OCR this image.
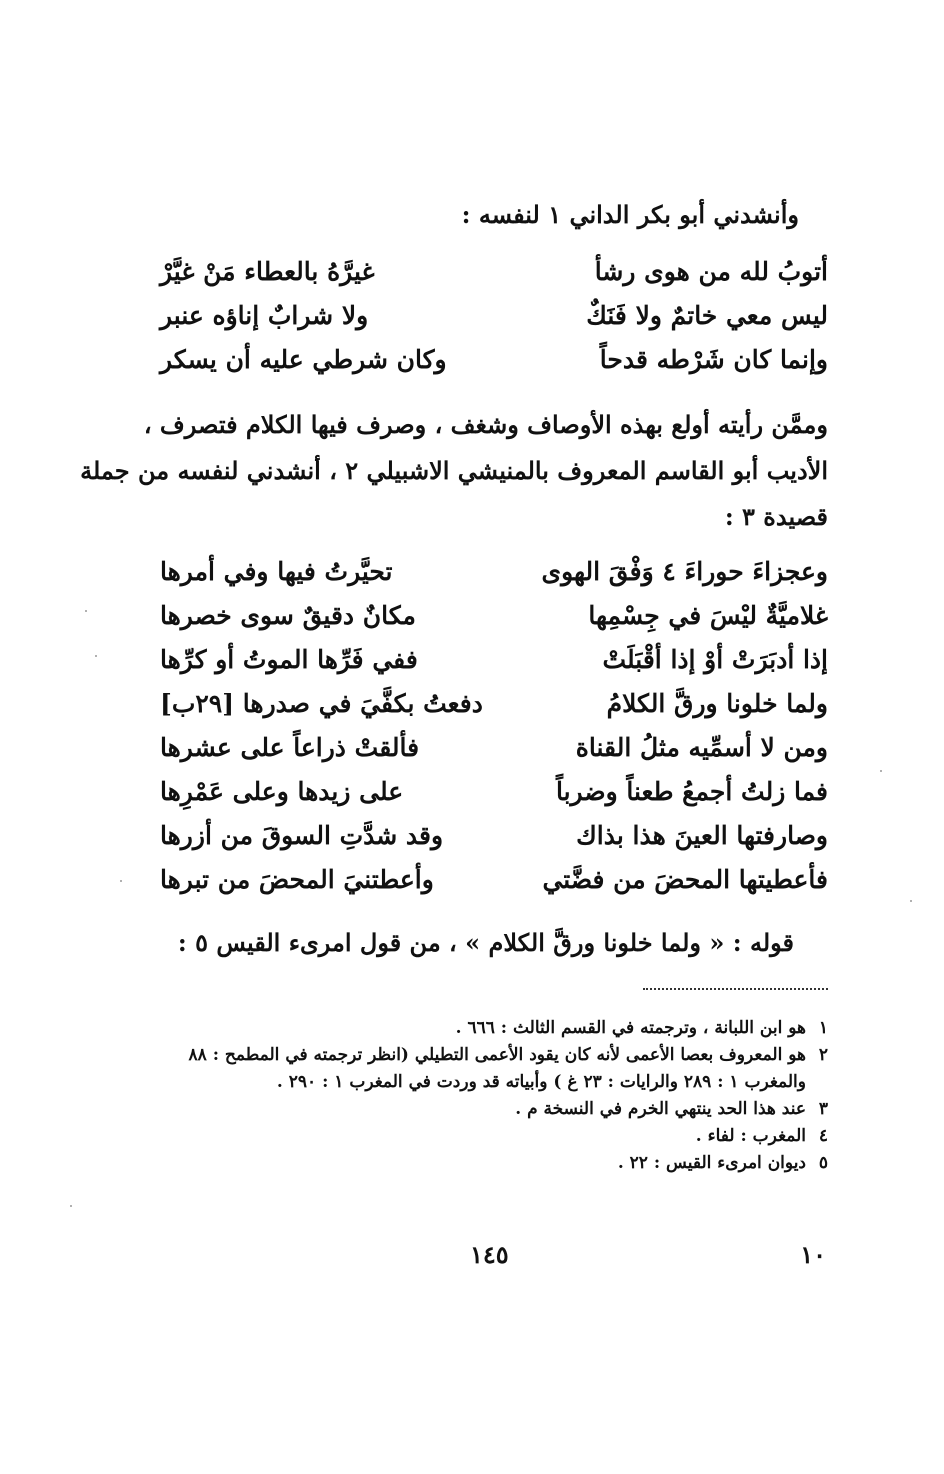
وأنشدني أبو بكر الداني ١ لنفسه :
أتوبُ لله من هوى رشأ
غيرَّهُ بالعطاء مَنْ غيَّرْ
ليس معي خاتمٌ ولا فَنَكٌ
ولا شرابٌ إناؤه عنبر
وإنما كان شَرْطه قدحاً
وكان شرطي عليه أن يسكر
وممَّن رأيته أولع بهذه الأوصاف وشغف ، وصرف فيها الكلام فتصرف ،
الأديب أبو القاسم المعروف بالمنيشي الاشبيلي ٢ ، أنشدني لنفسه من جملة
قصيدة ٣ :
وعجزاءَ حوراءَ ٤ وَفْقَ الهوى
تحيَّرتُ فيها وفي أمرها
غلاميَّةٌ ليْسَ في جِسْمِها
مكانٌ دقيقٌ سوى خصرها
إذا أدبَرَتْ أوْ إذا أقْبَلَتْ
ففي فَرِّها الموتُ أو كرِّها
ولما خلونا ورقَّ الكلامُ
دفعتُ بكفَّيَ في صدرها [٢٩ب]
ومن لا أسمِّيه مثلُ القناة
فألقتْ ذراعاً على عشرها
فما زلتُ أجمعُ طعناً وضرباً
على زيدها وعلى عَمْرِها
وصارفتها العينَ هذا بذاك
وقد شدَّتِ السوقَ من أزرها
فأعطيتها المحضَ من فضَّتي
وأعطتنيَ المحضَ من تبرها
قوله : « ولما خلونا ورقَّ الكلام » ، من قول امرىء القيس ٥ :
١هو ابن اللبانة ، وترجمته في القسم الثالث : ٦٦٦ .
٢هو المعروف بعصا الأعمى لأنه كان يقود الأعمى التطيلي (انظر ترجمته في المطمح : ٨٨
والمغرب ١ : ٢٨٩ والرايات : ٢٣ غ ) وأبياته قد وردت في المغرب ١ : ٢٩٠ .
٣عند هذا الحد ينتهي الخرم في النسخة م .
٤المغرب : لفاء .
٥ديوان امرىء القيس : ٢٢ .
١٤٥	١٠
